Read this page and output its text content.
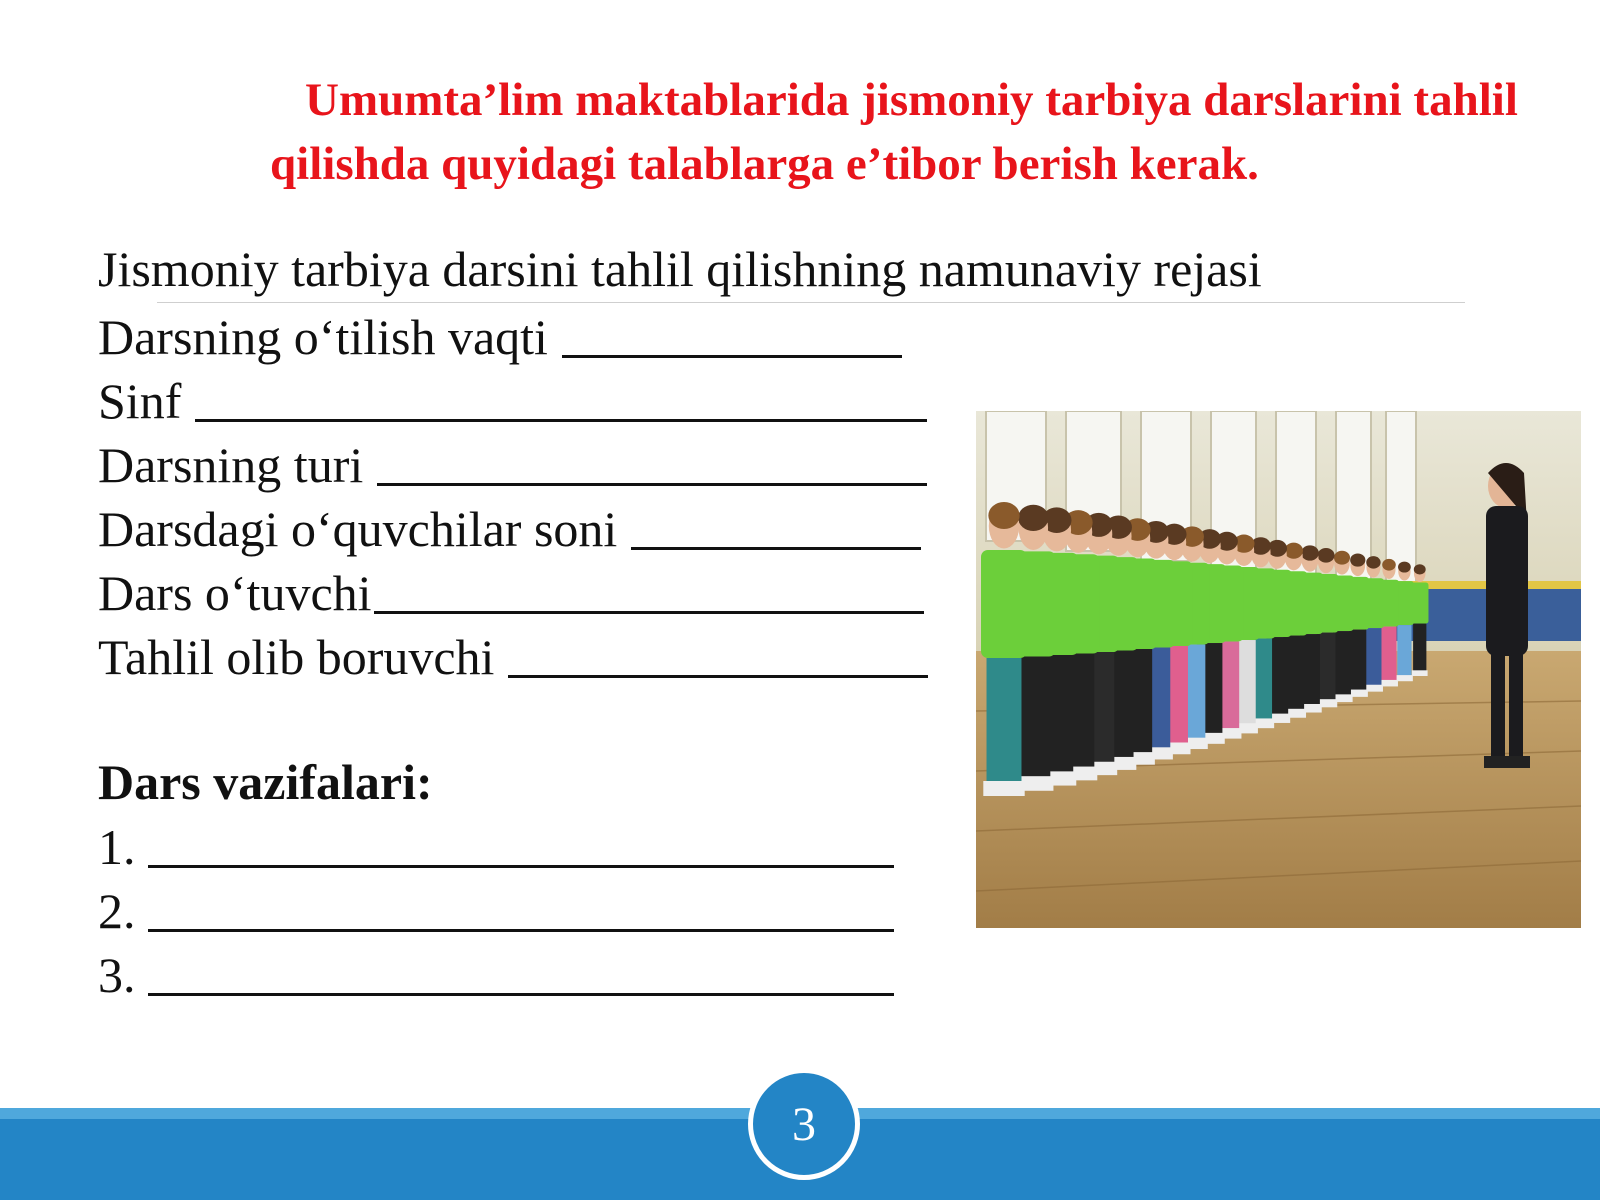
Umumta’lim maktablarida jismoniy tarbiya darslarini tahlil
qilishda quyidagi talablarga e’tibor berish kerak.
Jismoniy tarbiya darsini tahlil qilishning namunaviy rejasi
Darsning o‘tilish vaqti
Sinf
Darsning turi
Darsdagi o‘quvchilar soni
Dars o‘tuvchi
Tahlil olib boruvchi
Dars vazifalari:
1.
2.
3.
3
